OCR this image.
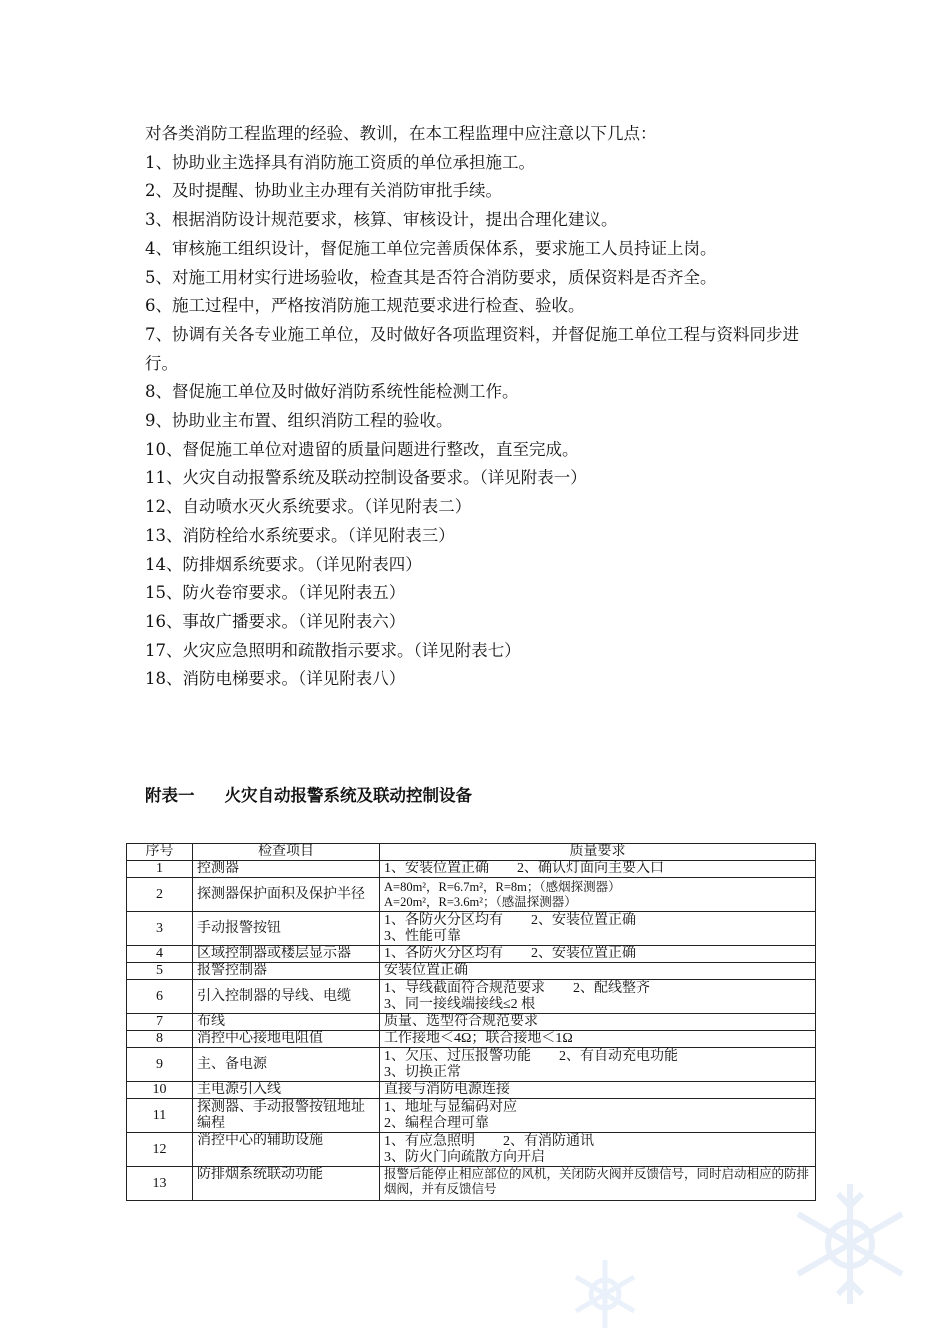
对各类消防工程监理的经验、教训，在本工程监理中应注意以下几点：

1、协助业主选择具有消防施工资质的单位承担施工。

2、及时提醒、协助业主办理有关消防审批手续。

3、根据消防设计规范要求，核算、审核设计，提出合理化建议。

4、审核施工组织设计，督促施工单位完善质保体系，要求施工人员持证上岗。

5、对施工用材实行进场验收，检查其是否符合消防要求，质保资料是否齐全。

6、施工过程中，严格按消防施工规范要求进行检查、验收。

7、协调有关各专业施工单位，及时做好各项监理资料，并督促施工单位工程与资料同步进行。

8、督促施工单位及时做好消防系统性能检测工作。

9、协助业主布置、组织消防工程的验收。

10、督促施工单位对遗留的质量问题进行整改，直至完成。

11、火灾自动报警系统及联动控制设备要求。（详见附表一）

12、自动喷水灭火系统要求。（详见附表二）

13、消防栓给水系统要求。（详见附表三）

14、防排烟系统要求。（详见附表四）

15、防火卷帘要求。（详见附表五）

16、事故广播要求。（详见附表六）

17、火灾应急照明和疏散指示要求。（详见附表七）

18、消防电梯要求。（详见附表八）

附表一 火灾自动报警系统及联动控制设备
序号	检查项目	质量要求
1	控测器	1、安装位置正确　　2、确认灯面向主要入口

2	探测器保护面积及保护半径	A=80m²，R=6.7m²，R=8m；（感烟探测器）
A=20m²，R=3.6m²；（感温探测器）

3	手动报警按钮	1、各防火分区均有　　2、安装位置正确
3、性能可靠

4	区域控制器或楼层显示器	1、各防火分区均有　　2、安装位置正确

5	报警控制器	安装位置正确

6	引入控制器的导线、电缆	1、导线截面符合规范要求　　2、配线整齐
3、同一接线端接线≤2 根

7	布线	质量、选型符合规范要求

8	消控中心接地电阻值	工作接地＜4Ω；联合接地＜1Ω

9	主、备电源	1、欠压、过压报警功能　　2、有自动充电功能
3、切换正常

10	主电源引入线	直接与消防电源连接

11	探测器、手动报警按钮地址编程	1、地址与显编码对应
2、编程合理可靠

12	消控中心的辅助设施	1、有应急照明　　2、有消防通讯
3、防火门向疏散方向开启

13	防排烟系统联动功能	报警后能停止相应部位的风机，关闭防火阀并反馈信号，同时启动相应的防排烟阀，并有反馈信号
